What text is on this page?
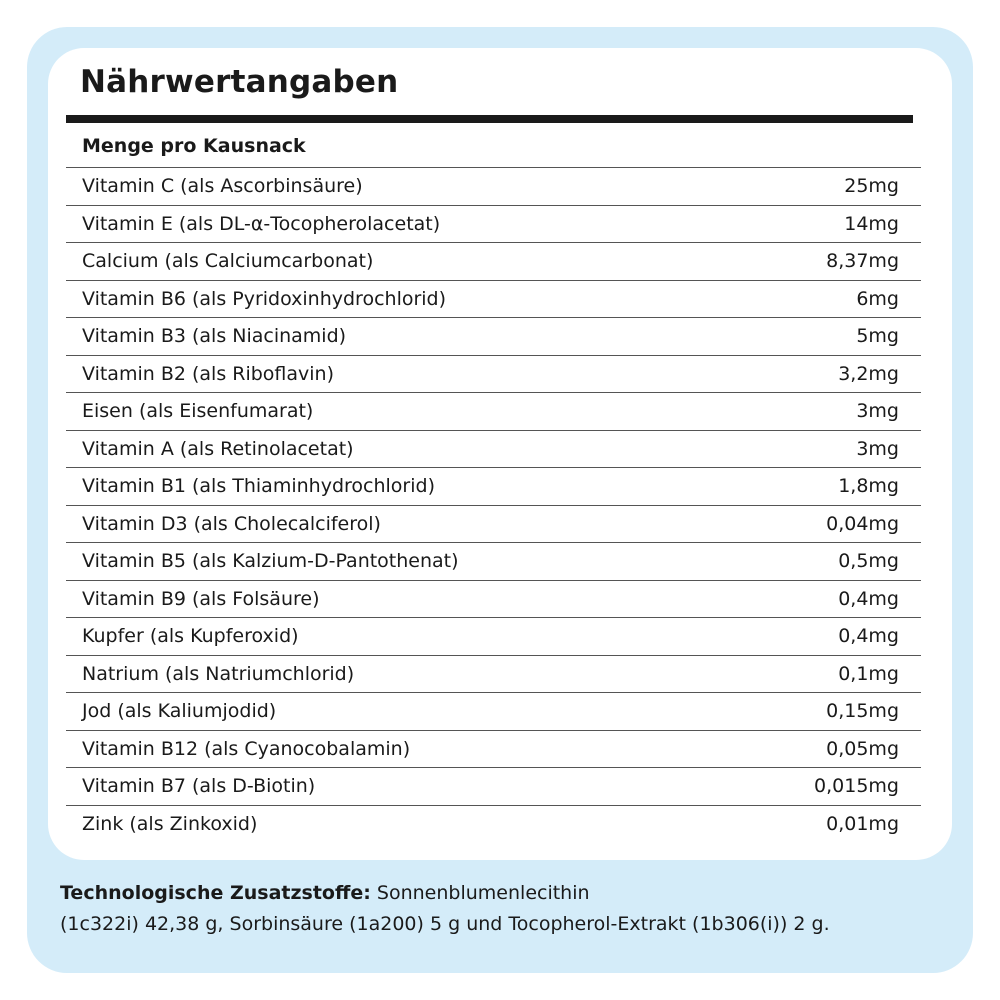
Nährwertangaben
Menge pro Kausnack
Vitamin C (als Ascorbinsäure)	25mg
Vitamin E (als DL-α-Tocopherolacetat)	14mg
Calcium (als Calciumcarbonat)	8,37mg
Vitamin B6 (als Pyridoxinhydrochlorid)	6mg
Vitamin B3 (als Niacinamid)	5mg
Vitamin B2 (als Riboflavin)	3,2mg
Eisen (als Eisenfumarat)	3mg
Vitamin A (als Retinolacetat)	3mg
Vitamin B1 (als Thiaminhydrochlorid)	1,8mg
Vitamin D3 (als Cholecalciferol)	0,04mg
Vitamin B5 (als Kalzium-D-Pantothenat)	0,5mg
Vitamin B9 (als Folsäure)	0,4mg
Kupfer (als Kupferoxid)	0,4mg
Natrium (als Natriumchlorid)	0,1mg
Jod (als Kaliumjodid)	0,15mg
Vitamin B12 (als Cyanocobalamin)	0,05mg
Vitamin B7 (als D-Biotin)	0,015mg
Zink (als Zinkoxid)	0,01mg
Technologische Zusatzstoffe: Sonnenblumenlecithin
(1c322i) 42,38 g, Sorbinsäure (1a200) 5 g und Tocopherol-Extrakt (1b306(i)) 2 g.
